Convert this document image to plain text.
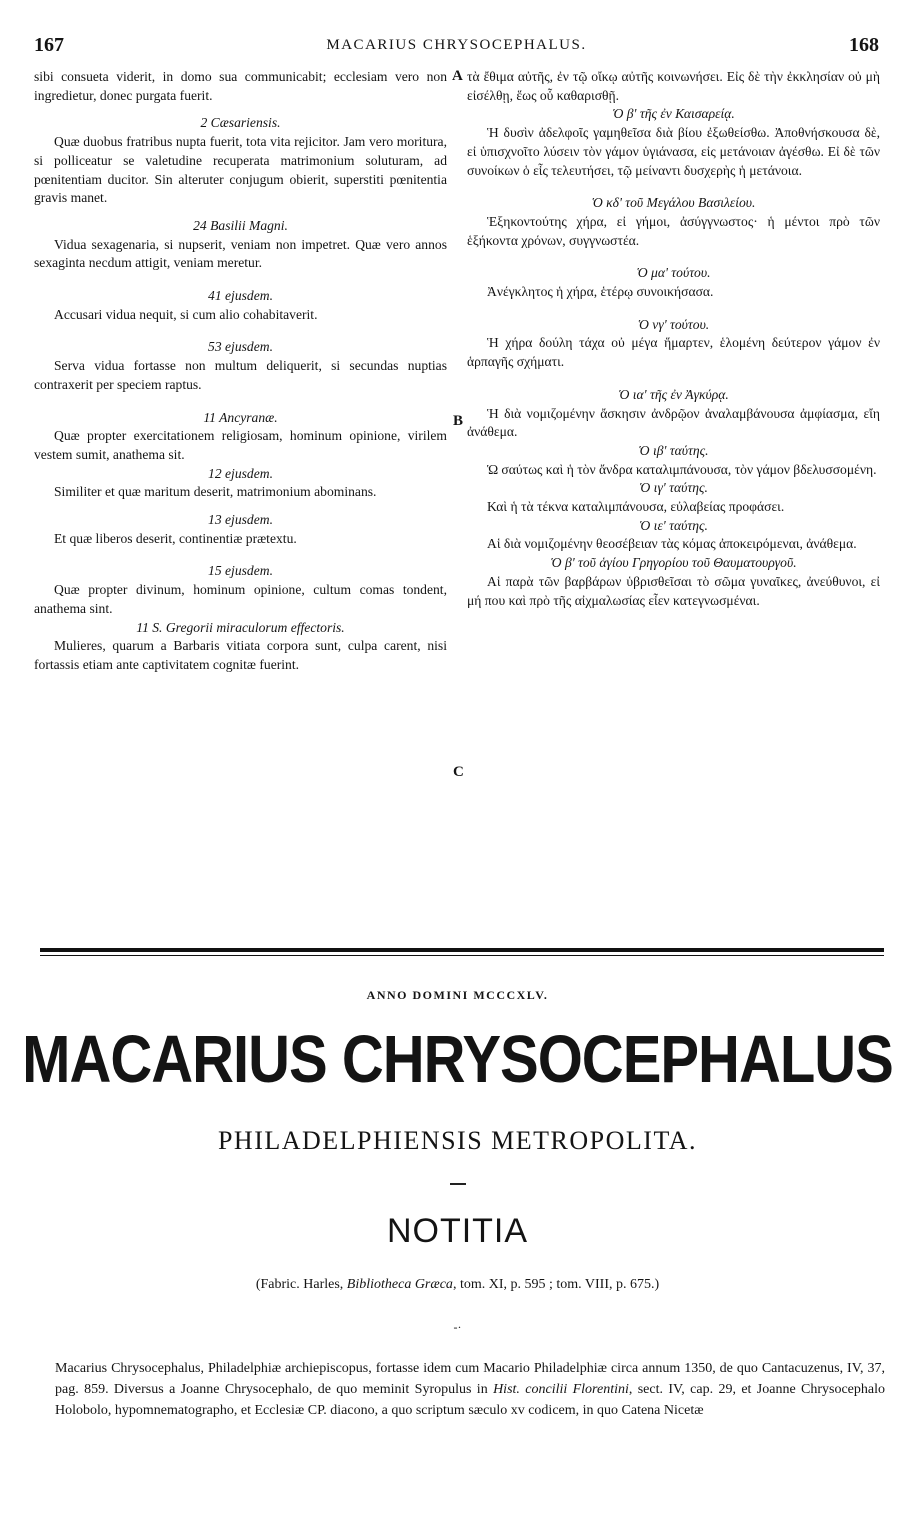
167	MACARIUS CHRYSOCEPHALUS.	168

sibi consueta viderit, in domo sua communicabit; ecclesiam vero non ingredietur, donec purgata fuerit.

2 Cæsariensis.

Quæ duobus fratribus nupta fuerit, tota vita rejicitor. Jam vero moritura, si polliceatur se valetudine recuperata matrimonium soluturam, ad pœnitentiam ducitor. Sin alteruter conjugum obierit, superstiti pœnitentia gravis manet.

24 Basilii Magni.

Vidua sexagenaria, si nupserit, veniam non impetret. Quæ vero annos sexaginta necdum attigit, veniam meretur.

41 ejusdem.

Accusari vidua nequit, si cum alio cohabitaverit.

53 ejusdem.

Serva vidua fortasse non multum deliquerit, si secundas nuptias contraxerit per speciem raptus.

11 Ancyranæ.

Quæ propter exercitationem religiosam, hominum opinione, virilem vestem sumit, anathema sit.

12 ejusdem.

Similiter et quæ maritum deserit, matrimonium abominans.

13 ejusdem.

Et quæ liberos deserit, continentiæ prætextu.

15 ejusdem.

Quæ propter divinum, hominum opinione, cultum comas tondent, anathema sint.

11 S. Gregorii miraculorum effectoris.

Mulieres, quarum a Barbaris vitiata corpora sunt, culpa carent, nisi fortassis etiam ante captivitatem cognitæ fuerint.

τὰ ἔθιμα αὐτῆς, ἐν τῷ οἴκῳ αὐτῆς κοινωνήσει. Εἰς δὲ τὴν ἐκκλησίαν οὐ μὴ εἰσέλθῃ, ἕως οὗ καθαρισθῇ.

Ὁ β' τῆς ἐν Καισαρείᾳ.

Ἡ δυσὶν ἀδελφοῖς γαμηθεῖσα διὰ βίου ἐξωθείσθω. Ἀποθνήσκουσα δὲ, εἰ ὑπισχνοῖτο λύσειν τὸν γάμον ὑγιάνασα, εἰς μετάνοιαν ἀγέσθω. Εἰ δὲ τῶν συνοίκων ὁ εἷς τελευτήσει, τῷ μείναντι δυσχερὴς ἡ μετάνοια.

Ὁ κδ' τοῦ Μεγάλου Βασιλείου.

Ἑξηκοντούτης χήρα, εἰ γήμοι, ἀσύγγνωστος· ἡ μέντοι πρὸ τῶν ἑξήκοντα χρόνων, συγγνωστέα.

Ὁ μα' τούτου.

Ἀνέγκλητος ἡ χήρα, ἑτέρῳ συνοικήσασα.

Ὁ νγ' τούτου.

Ἡ χήρα δούλη τάχα οὐ μέγα ἥμαρτεν, ἑλομένη δεύτερον γάμον ἐν ἁρπαγῆς σχήματι.

Ὁ ια' τῆς ἐν Ἀγκύρᾳ.

Ἡ διὰ νομιζομένην ἄσκησιν ἀνδρῷον ἀναλαμβάνουσα ἀμφίασμα, εἴη ἀνάθεμα.

Ὁ ιβ' ταύτης.

Ὡ σαύτως καὶ ἡ τὸν ἄνδρα καταλιμπάνουσα, τὸν γάμον βδελυσσομένη.

Ὁ ιγ' ταύτης.

Καὶ ἡ τὰ τέκνα καταλιμπάνουσα, εὐλαβείας προφάσει.

Ὁ ιε' ταύτης.

Αἱ διὰ νομιζομένην θεοσέβειαν τὰς κόμας ἀποκειρόμεναι, ἀνάθεμα.

Ὁ β' τοῦ ἁγίου Γρηγορίου τοῦ Θαυματουργοῦ.

Αἱ παρὰ τῶν βαρβάρων ὑβρισθεῖσαι τὸ σῶμα γυναῖκες, ἀνεύθυνοι, εἰ μή που καὶ πρὸ τῆς αἰχμαλωσίας εἶεν κατεγνωσμέναι.

A
B
C
ANNO DOMINI MCCCXLV.
MACARIUS CHRYSOCEPHALUS
PHILADELPHIENSIS METROPOLITA.
NOTITIA
(Fabric. Harles, Bibliotheca Græca, tom. XI, p. 595 ; tom. VIII, p. 675.)
-·

Macarius Chrysocephalus, Philadelphiæ archiepiscopus, fortasse idem cum Macario Philadelphiæ circa annum 1350, de quo Cantacuzenus, IV, 37, pag. 859. Diversus a Joanne Chrysocephalo, de quo meminit Syropulus in Hist. concilii Florentini, sect. IV, cap. 29, et Joanne Chrysocephalo Holobolo, hypomnematographo, et Ecclesiæ CP. diacono, a quo scriptum sæculo xv codicem, in quo Catena Nicetæ
